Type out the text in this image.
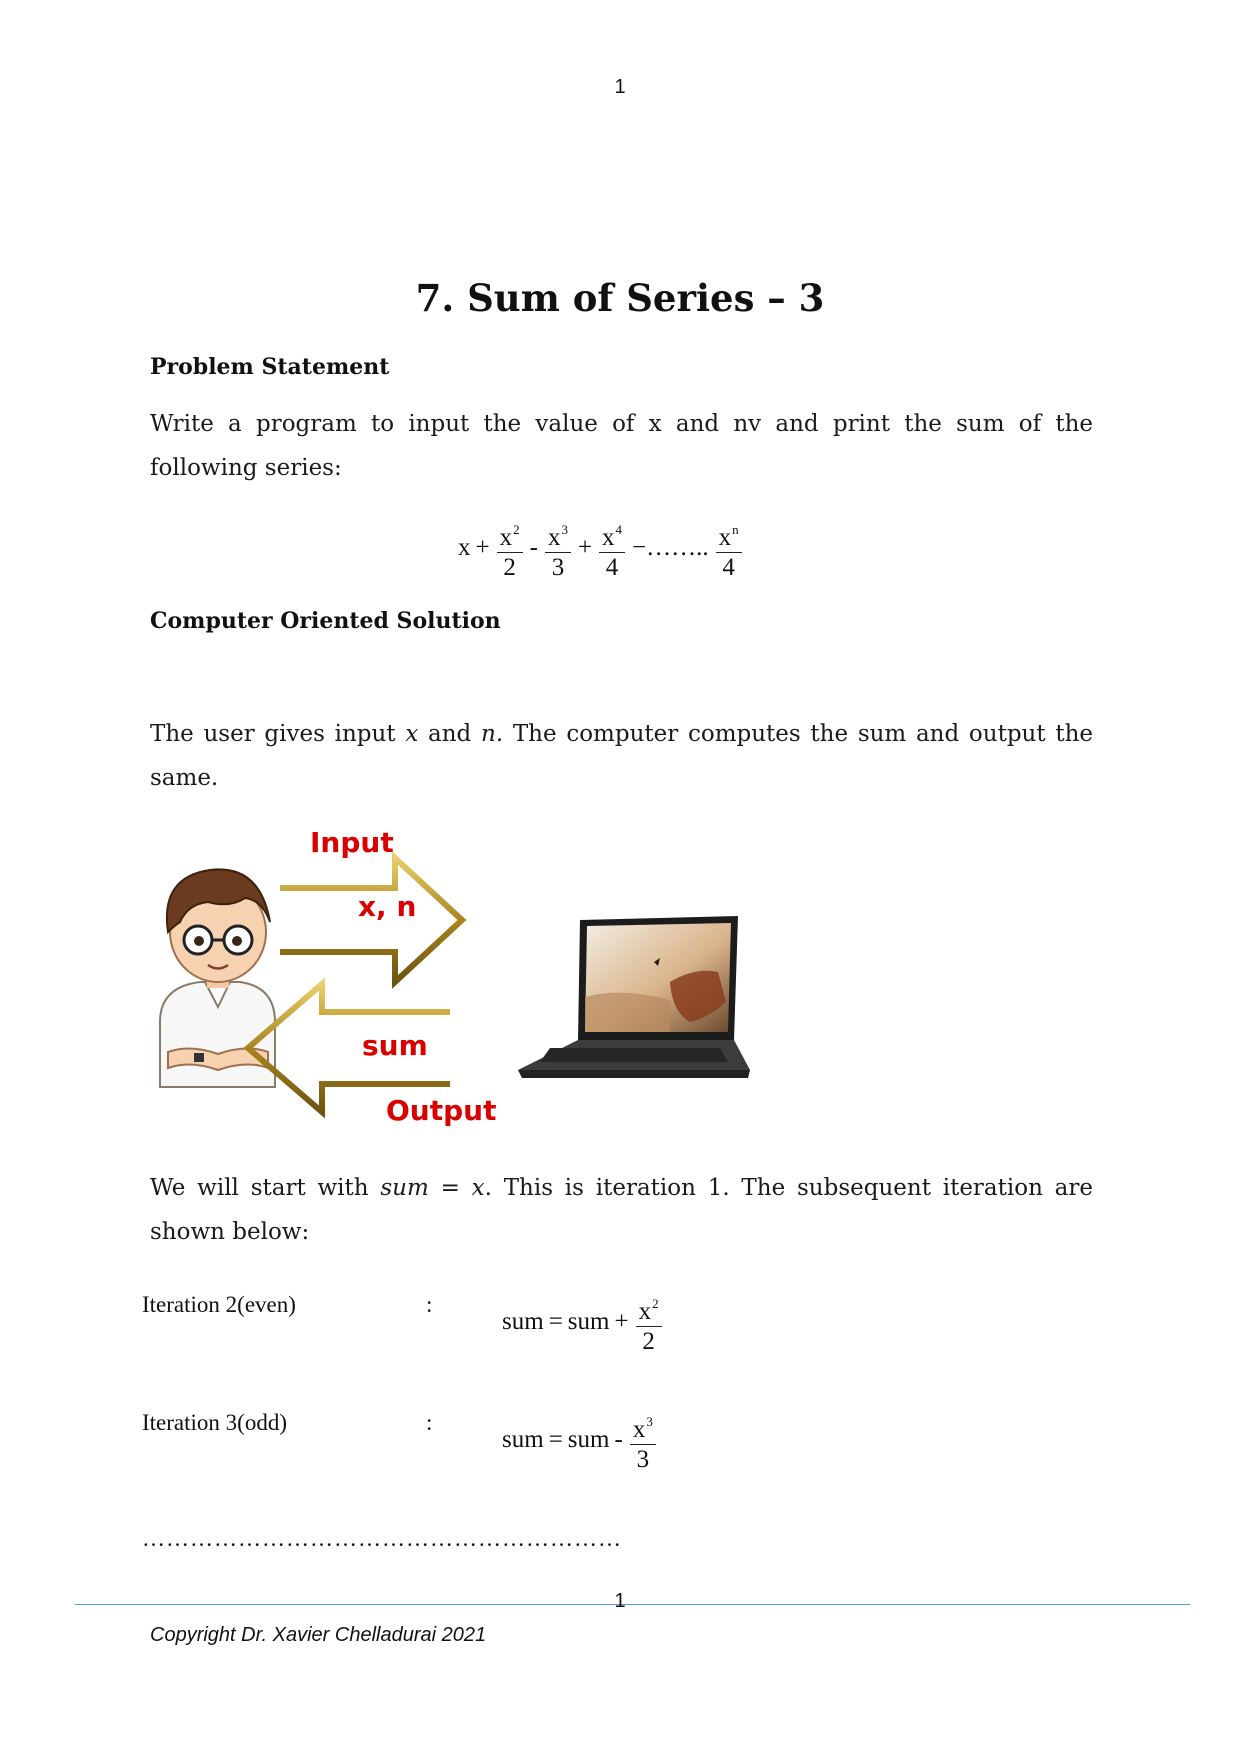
1
7. Sum of Series – 3
Problem Statement
Write a program to input the value of x and nv and print the sum of the following series:
$x + \frac{x^2}{2} - \frac{x^3}{3} + \frac{x^4}{4}$ −…….. $\frac{x^n}{4}$
Computer Oriented Solution
The user gives input x and n. The computer computes the sum and output the same.
Input
x, n
sum
Output
We will start with sum = x. This is iteration 1. The subsequent iteration are shown below:
Iteration 2(even)	:
sum = sum + $\frac{x^2}{2}$
Iteration 3(odd)	:
sum = sum - $\frac{x^3}{3}$
……………………………………………………
1
Copyright Dr. Xavier Chelladurai 2021
